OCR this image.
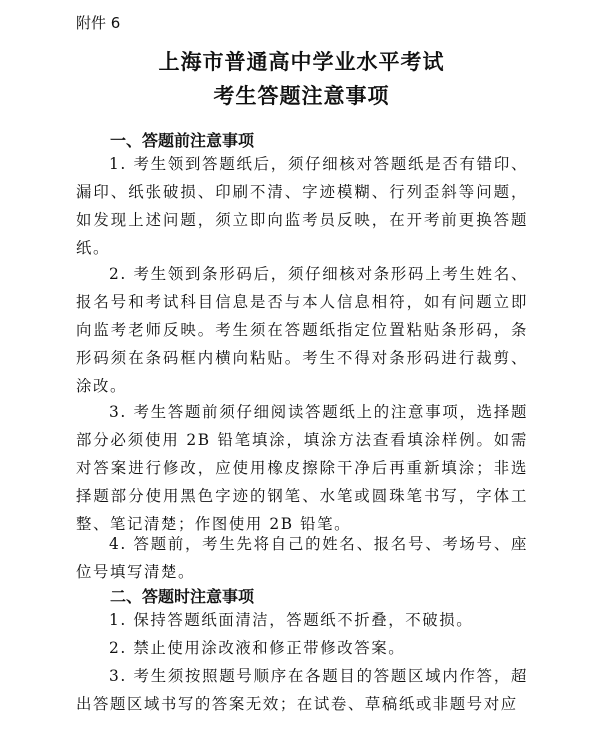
附件 6
上海市普通高中学业水平考试
考生答题注意事项
一、答题前注意事项

1. 考生领到答题纸后，须仔细核对答题纸是否有错印、漏印、纸张破损、印刷不清、字迹模糊、行列歪斜等问题，如发现上述问题，须立即向监考员反映，在开考前更换答题纸。

2. 考生领到条形码后，须仔细核对条形码上考生姓名、报名号和考试科目信息是否与本人信息相符，如有问题立即向监考老师反映。考生须在答题纸指定位置粘贴条形码，条形码须在条码框内横向粘贴。考生不得对条形码进行裁剪、涂改。

3. 考生答题前须仔细阅读答题纸上的注意事项，选择题部分必须使用 2B 铅笔填涂，填涂方法查看填涂样例。如需对答案进行修改，应使用橡皮擦除干净后再重新填涂；非选择题部分使用黑色字迹的钢笔、水笔或圆珠笔书写，字体工整、笔记清楚；作图使用 2B 铅笔。

4. 答题前，考生先将自己的姓名、报名号、考场号、座位号填写清楚。

二、答题时注意事项

1. 保持答题纸面清洁，答题纸不折叠，不破损。

2. 禁止使用涂改液和修正带修改答案。

3. 考生须按照题号顺序在各题目的答题区域内作答，超出答题区域书写的答案无效；在试卷、草稿纸或非题号对应
